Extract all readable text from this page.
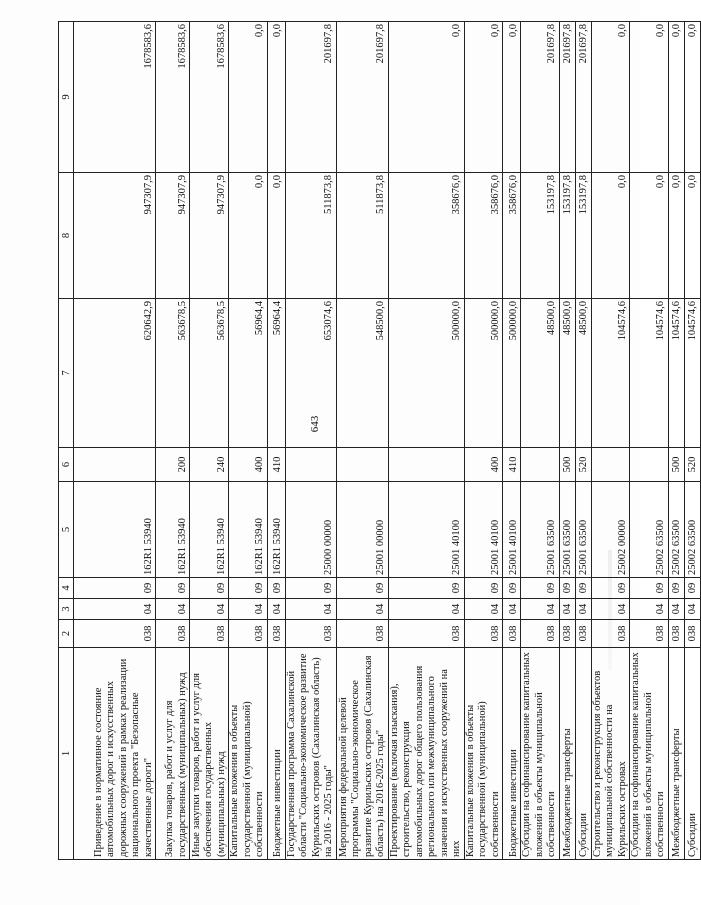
643
1	2	3	4	5	6	7	8	9
Приведение в нормативное состояние автомобильных дорог и искусственных дорожных сооружений в рамках реализации национального проекта "Безопасные качественные дороги"	038	04	09	162R1 53940		620642,9	947307,9	1678583,6
Закупка товаров, работ и услуг для государственных (муниципальных) нужд	038	04	09	162R1 53940	200	563678,5	947307,9	1678583,6
Иные закупки товаров, работ и услуг для обеспечения государственных (муниципальных) нужд	038	04	09	162R1 53940	240	563678,5	947307,9	1678583,6
Капитальные вложения в объекты государственной (муниципальной) собственности	038	04	09	162R1 53940	400	56964,4	0,0	0,0
Бюджетные инвестиции	038	04	09	162R1 53940	410	56964,4	0,0	0,0
Государственная программа Сахалинской области "Социально-экономическое развитие Курильских островов (Сахалинская область) на 2016 - 2025 годы"	038	04	09	25000 00000		653074,6	511873,8	201697,8
Мероприятия федеральной целевой программы "Социально-экономическое развитие Курильских островов (Сахалинская область) на 2016-2025 годы"	038	04	09	25001 00000		548500,0	511873,8	201697,8
Проектирование (включая изыскания), строительство, реконструкция автомобильных дорог общего пользования регионального или межмуниципального значения и искусственных сооружений на них	038	04	09	25001 40100		500000,0	358676,0	0,0
Капитальные вложения в объекты государственной (муниципальной) собственности	038	04	09	25001 40100	400	500000,0	358676,0	0,0
Бюджетные инвестиции	038	04	09	25001 40100	410	500000,0	358676,0	0,0
Субсидии на софинансирование капитальных вложений в объекты муниципальной собственности	038	04	09	25001 63500		48500,0	153197,8	201697,8
Межбюджетные трансферты	038	04	09	25001 63500	500	48500,0	153197,8	201697,8
Субсидии	038	04	09	25001 63500	520	48500,0	153197,8	201697,8
Строительство и реконструкция объектов муниципальной собственности на Курильских островах	038	04	09	25002 00000		104574,6	0,0	0,0
Субсидии на софинансирование капитальных вложений в объекты муниципальной собственности	038	04	09	25002 63500		104574,6	0,0	0,0
Межбюджетные трансферты	038	04	09	25002 63500	500	104574,6	0,0	0,0
Субсидии	038	04	09	25002 63500	520	104574,6	0,0	0,0
